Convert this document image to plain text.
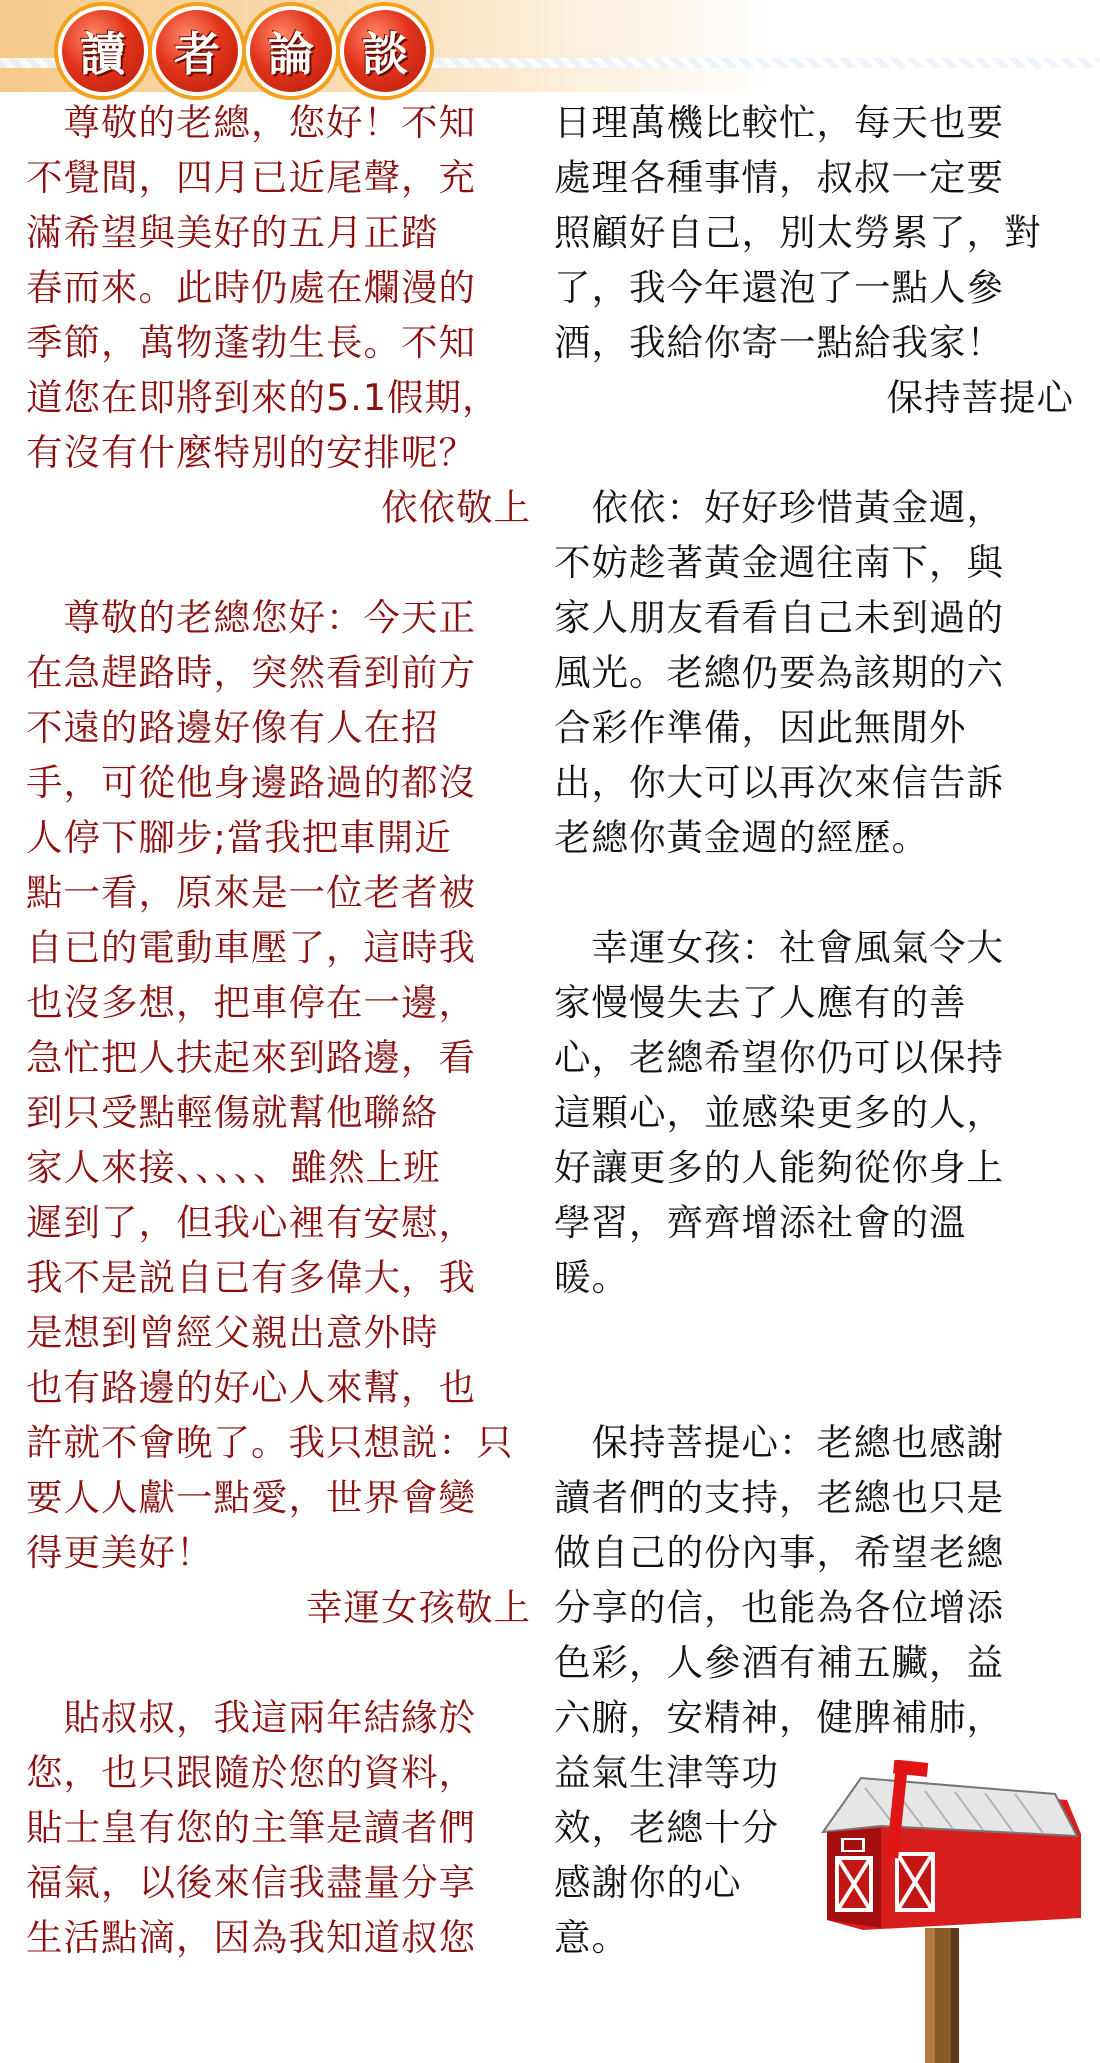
讀	者	論	談
　尊敬的老總，您好！不知
不覺間，四月已近尾聲，充
滿希望與美好的五月正踏
春而來。此時仍處在爛漫的
季節，萬物蓬勃生長。不知
道您在即將到來的5.1假期，
有沒有什麼特別的安排呢？
依依敬上
　尊敬的老總您好：今天正
在急趕路時，突然看到前方
不遠的路邊好像有人在招
手，可從他身邊路過的都沒
人停下腳步;當我把車開近
點一看，原來是一位老者被
自已的電動車壓了，這時我
也沒多想，把車停在一邊，
急忙把人扶起來到路邊，看
到只受點輕傷就幫他聯絡
家人來接、、、、、雖然上班
遲到了，但我心裡有安慰，
我不是説自已有多偉大，我
是想到曾經父親出意外時
也有路邊的好心人來幫，也
許就不會晚了。我只想説：只
要人人獻一點愛，世界會變
得更美好！
幸運女孩敬上
　貼叔叔，我這兩年結緣於
您，也只跟隨於您的資料，
貼士皇有您的主筆是讀者們
福氣，以後來信我盡量分享
生活點滴，因為我知道叔您
日理萬機比較忙，每天也要
處理各種事情，叔叔一定要
照顧好自己，別太勞累了，對
了，我今年還泡了一點人參
酒，我給你寄一點給我家！
保持菩提心
　依依：好好珍惜黃金週，
不妨趁著黃金週往南下，與
家人朋友看看自己未到過的
風光。老總仍要為該期的六
合彩作準備，因此無閒外
出，你大可以再次來信告訴
老總你黃金週的經歷。
　幸運女孩：社會風氣令大
家慢慢失去了人應有的善
心，老總希望你仍可以保持
這顆心，並感染更多的人，
好讓更多的人能夠從你身上
學習，齊齊增添社會的溫
暖。
　保持菩提心：老總也感謝
讀者們的支持，老總也只是
做自己的份內事，希望老總
分享的信，也能為各位增添
色彩，人參酒有補五臟，益
六腑，安精神，健脾補肺，
益氣生津等功
效，老總十分
感謝你的心
意。
